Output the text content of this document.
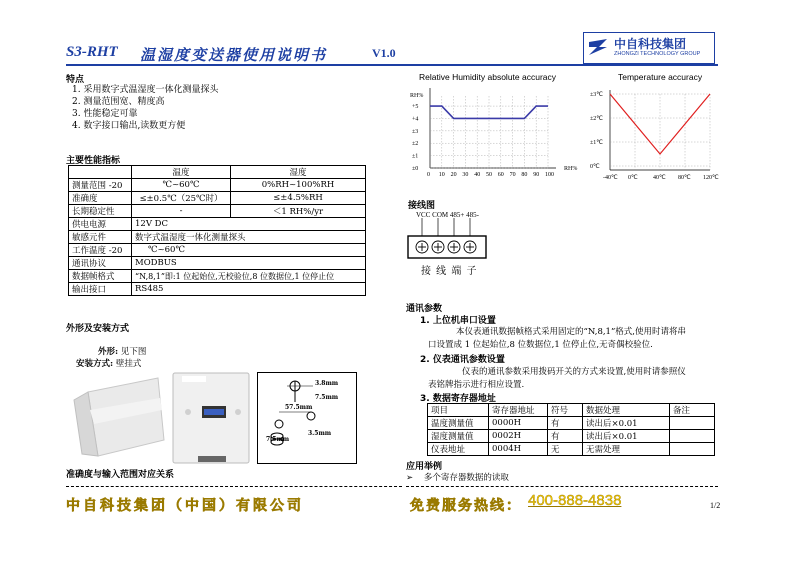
S3-RHT 温湿度变送器使用说明书	V1.0
中自科技集团
ZHONGZI TECHNOLOGY GROUP
特点
1. 采用数字式温湿度一体化测量探头
2. 测量范围宽、精度高
3. 性能稳定可靠
4. 数字接口输出,读数更方便
主要性能指标
	温度	湿度
测量范围 -20	℃~60℃	0%RH~100%RH
准确度	≤±0.5℃（25℃时）	≤±4.5%RH
长期稳定性	-	＜1 RH%/yr
供电电源	12V DC	
敏感元件	数字式温湿度一体化测量探头	
工作温度 -20	℃~60℃	
通讯协议	MODBUS	
数据帧格式	“N,8,1”即:1 位起始位,无校验位,8 位数据位,1 位停止位	
输出接口	RS485	
外形及安装方式
外形: 见下图
安装方式: 壁挂式
3.8mm
7.5mm
57.5mm
7.5mm
3.5mm
准确度与输入范围对应关系
Relative Humidity absolute accuracy
RH%
+5
+4
±3
±2
±1
±0
0 10 20 30 40 50 60 70 80 90 100
RH%
Temperature accuracy
±3℃
±2℃
±1℃
0℃
-40℃ 0℃	40℃ 80℃ 120℃
接线图
VCC COM 485+ 485-
接 线 端 子
通讯参数
1. 上位机串口设置
本仪表通讯数据帧格式采用固定的“N,8,1”格式,使用时请将串
口设置成 1 位起始位,8 位数据位,1 位停止位,无奇偶校验位.
2. 仪表通讯参数设置
仪表的通讯参数采用拨码开关的方式来设置,使用时请参照仪
表铭牌指示进行相应设置.
3. 数据寄存器地址
项目	寄存器地址	符号	数据处理	备注
温度测量值	0000H	有	读出后×0.01	
湿度测量值	0002H	有	读出后×0.01	
仪表地址	0004H	无	无需处理	
应用举例
➢ 多个寄存器数据的读取
中自科技集团（中国）有限公司	免费服务热线： 400-888-4838	1/2
